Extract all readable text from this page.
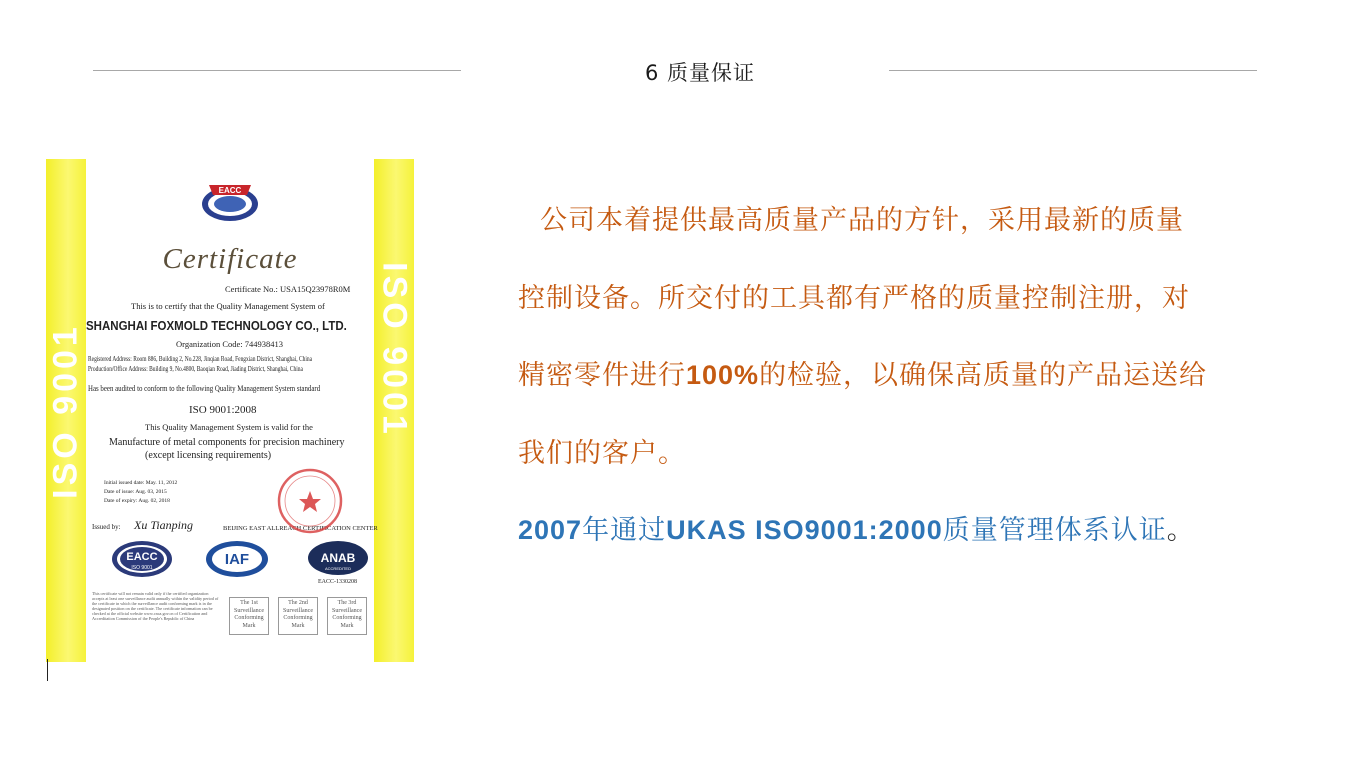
6 质量保证
ISO 9001	ISO 9001
EACC
Certificate
Certificate No.: USA15Q23978R0M
This is to certify that the Quality Management System of
SHANGHAI FOXMOLD TECHNOLOGY CO., LTD.
Organization Code: 744938413
Registered Address: Room 886, Building 2, No.228, Jinqian Road, Fengxian District, Shanghai, China
Production/Office Address: Building 9, No.4800, Baoqian Road, Jiading District, Shanghai, China
Has been audited to conform to the following Quality Management System standard
ISO 9001:2008
This Quality Management System is valid for the
Manufacture of metal components for precision machinery
(except licensing requirements)
Initial issued date: May. 11, 2012
Date of issue: Aug. 03, 2015
Date of expiry: Aug. 02, 2018
Issued by: Xu Tianping	BEIJING EAST ALLREACH CERTIFICATION CENTER
EACC
ISO 9001	IAF	ANAB
ACCREDITED
EACC-1330208
This certificate will not remain valid only if the certified organization accepts at least one surveillance audit annually within the validity period of the certificate in which the surveillance audit conforming mark is in the designated position on the certificate. The certificate information can be checked at the official website www.cnca.gov.cn of Certification and Accreditation Commission of the People's Republic of China
The 1st Surveillance Conforming Mark
The 2nd Surveillance Conforming Mark
The 3rd Surveillance Conforming Mark

公司本着提供最高质量产品的方针，采用最新的质量控制设备。所交付的工具都有严格的质量控制注册，对精密零件进行100%的检验，以确保高质量的产品运送给我们的客户。

2007年通过UKAS ISO9001:2000质量管理体系认证。
